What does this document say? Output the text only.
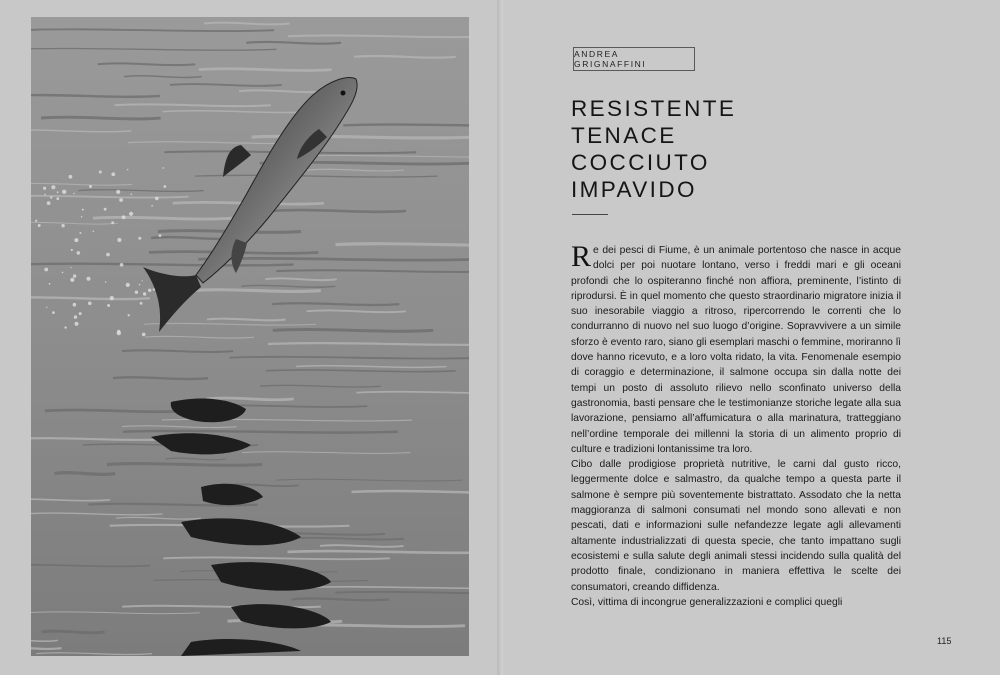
ANDREA GRIGNAFFINI
RESISTENTE
TENACE
COCCIUTO
IMPAVIDO

Re dei pesci di Fiume, è un animale portentoso che nasce in acque dolci per poi nuotare lontano, verso i freddi mari e gli oceani profondi che lo ospiteranno finché non affiora, preminente, l’istinto di riprodursi. È in quel momento che questo straordinario migratore inizia il suo inesorabile viaggio a ritroso, ripercorrendo le correnti che lo condurranno di nuovo nel suo luogo d’origine. Sopravvivere a un simile sforzo è evento raro, siano gli esemplari maschi o femmine, moriranno lì dove hanno ricevuto, e a loro volta ridato, la vita. Fenomenale esempio di coraggio e determinazione, il salmone occupa sin dalla notte dei tempi un posto di assoluto rilievo nello sconfinato universo della gastronomia, basti pensare che le testimonianze storiche legate alla sua lavorazione, pensiamo all’affumicatura o alla marinatura, tratteggiano nell’ordine temporale dei millenni la storia di un alimento proprio di culture e tradizioni lontanissime tra loro.

Cibo dalle prodigiose proprietà nutritive, le carni dal gusto ricco, leggermente dolce e salmastro, da qualche tempo a questa parte il salmone è sempre più soventemente bistrattato. Assodato che la netta maggioranza di salmoni consumati nel mondo sono allevati e non pescati, dati e informazioni sulle nefandezze legate agli allevamenti altamente industrializzati di questa specie, che tanto impattano sugli ecosistemi e sulla salute degli animali stessi incidendo sulla qualità del prodotto finale, condizionano in maniera effettiva le scelte dei consumatori, creando diffidenza.

Così, vittima di incongrue generalizzazioni e complici quegli

115
